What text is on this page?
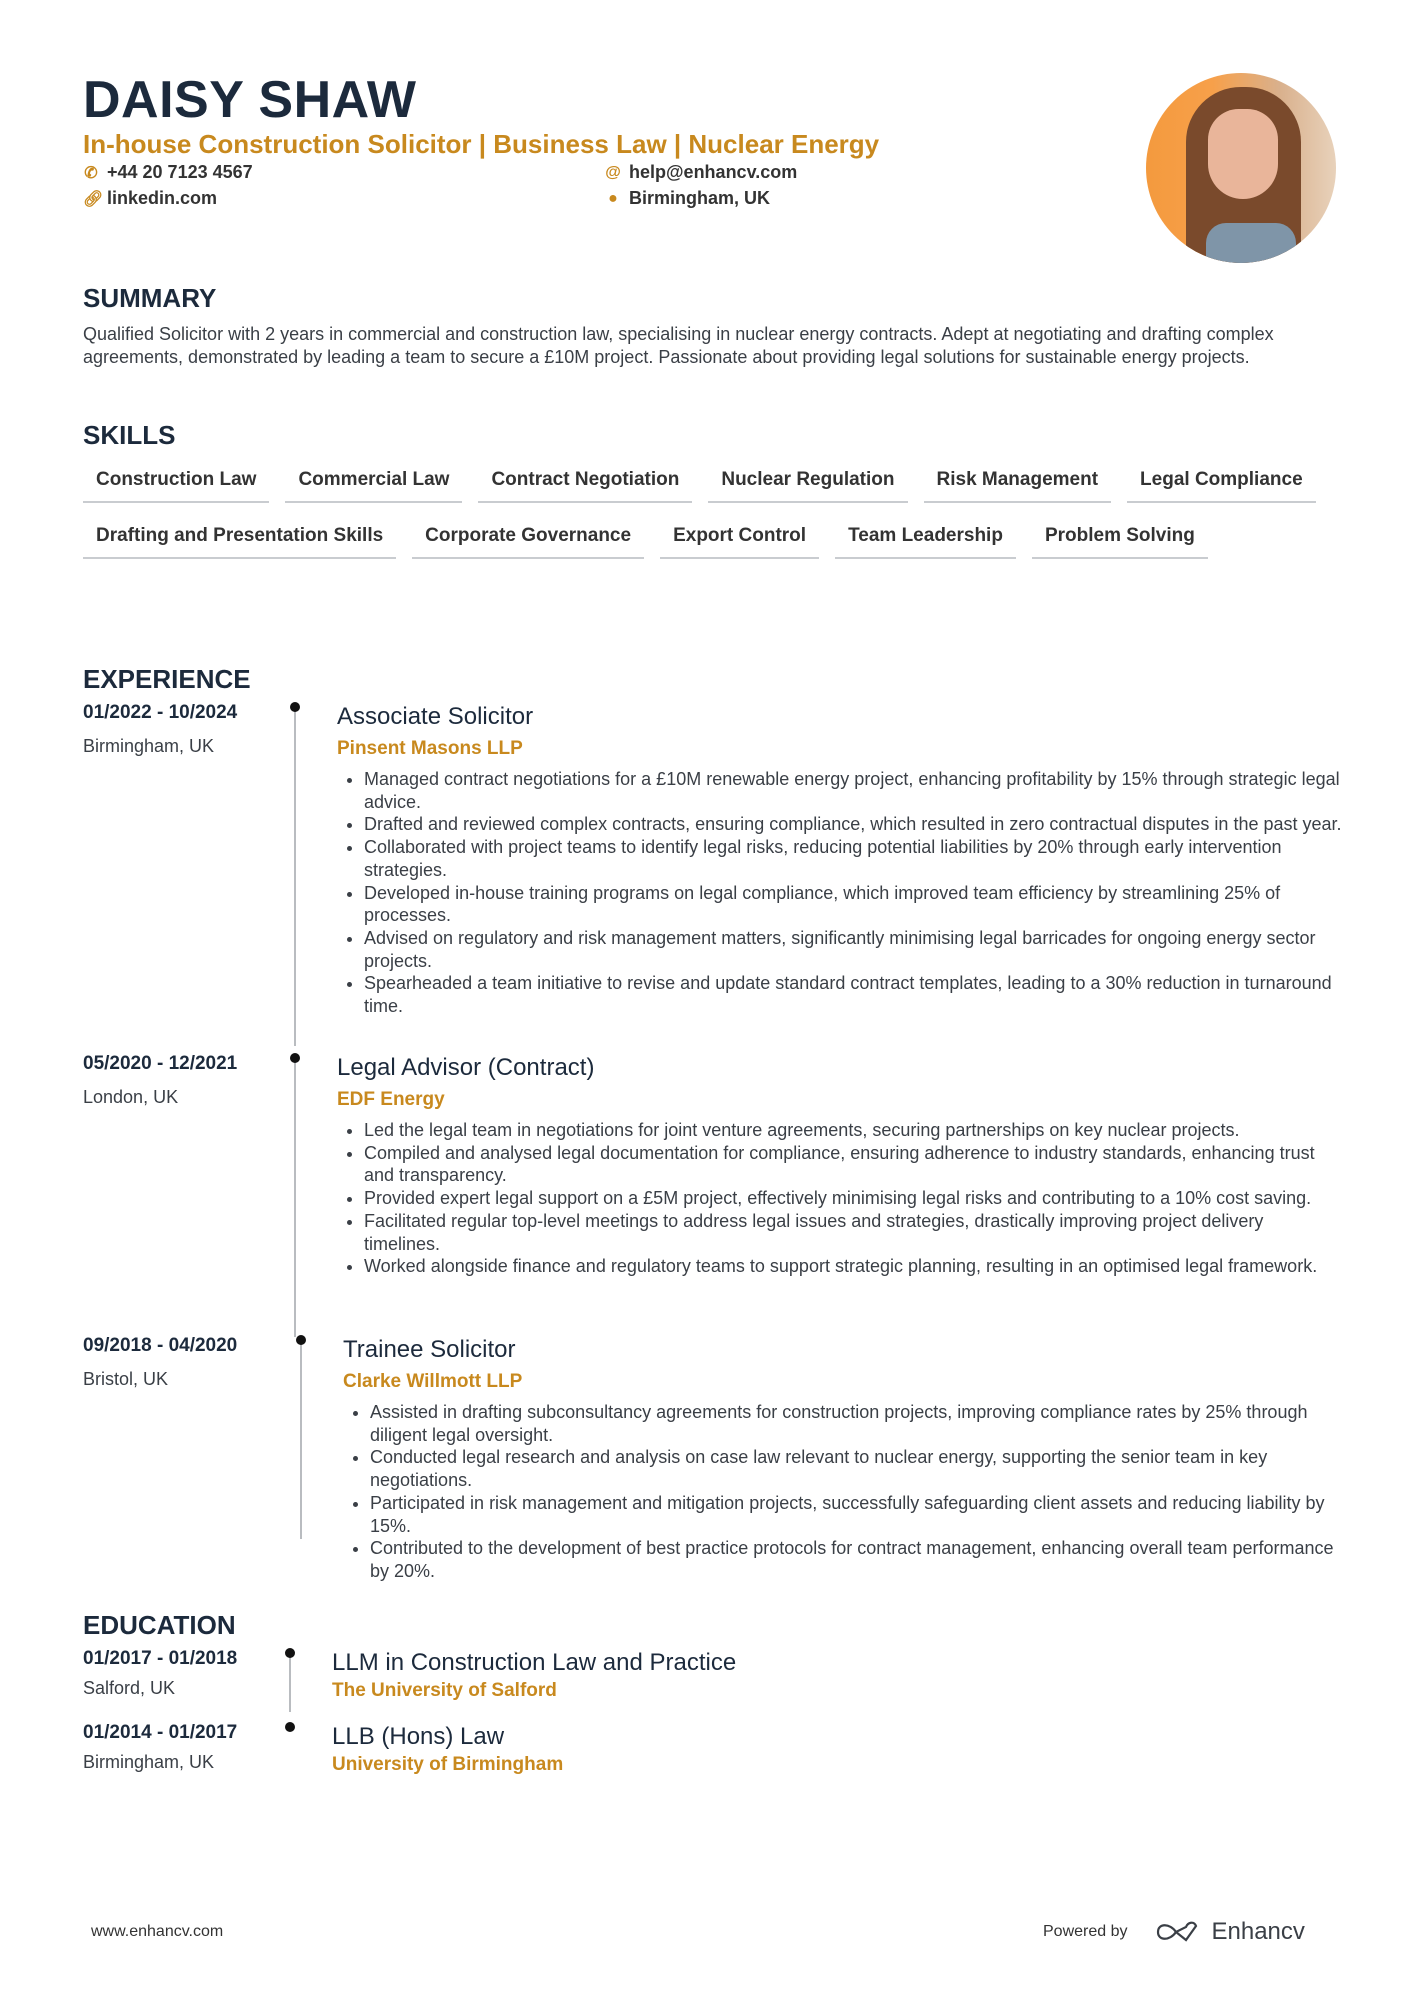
DAISY SHAW
In-house Construction Solicitor | Business Law | Nuclear Energy
✆ +44 20 7123 4567	@ help@enhancv.com
🔗︎ linkedin.com	● Birmingham, UK
SUMMARY
Qualified Solicitor with 2 years in commercial and construction law, specialising in nuclear energy contracts. Adept at negotiating and drafting complex agreements, demonstrated by leading a team to secure a £10M project. Passionate about providing legal solutions for sustainable energy projects.
SKILLS
Construction Law	Commercial Law	Contract Negotiation	Nuclear Regulation	Risk Management	Legal Compliance
Drafting and Presentation Skills	Corporate Governance	Export Control	Team Leadership	Problem Solving
EXPERIENCE
01/2022 - 10/2024
Birmingham, UK
Associate Solicitor
Pinsent Masons LLP
• Managed contract negotiations for a £10M renewable energy project, enhancing profitability by 15% through strategic legal advice.
• Drafted and reviewed complex contracts, ensuring compliance, which resulted in zero contractual disputes in the past year.
• Collaborated with project teams to identify legal risks, reducing potential liabilities by 20% through early intervention strategies.
• Developed in-house training programs on legal compliance, which improved team efficiency by streamlining 25% of processes.
• Advised on regulatory and risk management matters, significantly minimising legal barricades for ongoing energy sector projects.
• Spearheaded a team initiative to revise and update standard contract templates, leading to a 30% reduction in turnaround time.
05/2020 - 12/2021
London, UK
Legal Advisor (Contract)
EDF Energy
• Led the legal team in negotiations for joint venture agreements, securing partnerships on key nuclear projects.
• Compiled and analysed legal documentation for compliance, ensuring adherence to industry standards, enhancing trust and transparency.
• Provided expert legal support on a £5M project, effectively minimising legal risks and contributing to a 10% cost saving.
• Facilitated regular top-level meetings to address legal issues and strategies, drastically improving project delivery timelines.
• Worked alongside finance and regulatory teams to support strategic planning, resulting in an optimised legal framework.
09/2018 - 04/2020
Bristol, UK
Trainee Solicitor
Clarke Willmott LLP
• Assisted in drafting subconsultancy agreements for construction projects, improving compliance rates by 25% through diligent legal oversight.
• Conducted legal research and analysis on case law relevant to nuclear energy, supporting the senior team in key negotiations.
• Participated in risk management and mitigation projects, successfully safeguarding client assets and reducing liability by 15%.
• Contributed to the development of best practice protocols for contract management, enhancing overall team performance by 20%.
EDUCATION
01/2017 - 01/2018
Salford, UK
LLM in Construction Law and Practice
The University of Salford
01/2014 - 01/2017
Birmingham, UK
LLB (Hons) Law
University of Birmingham
www.enhancv.com	Powered by	Enhancv
